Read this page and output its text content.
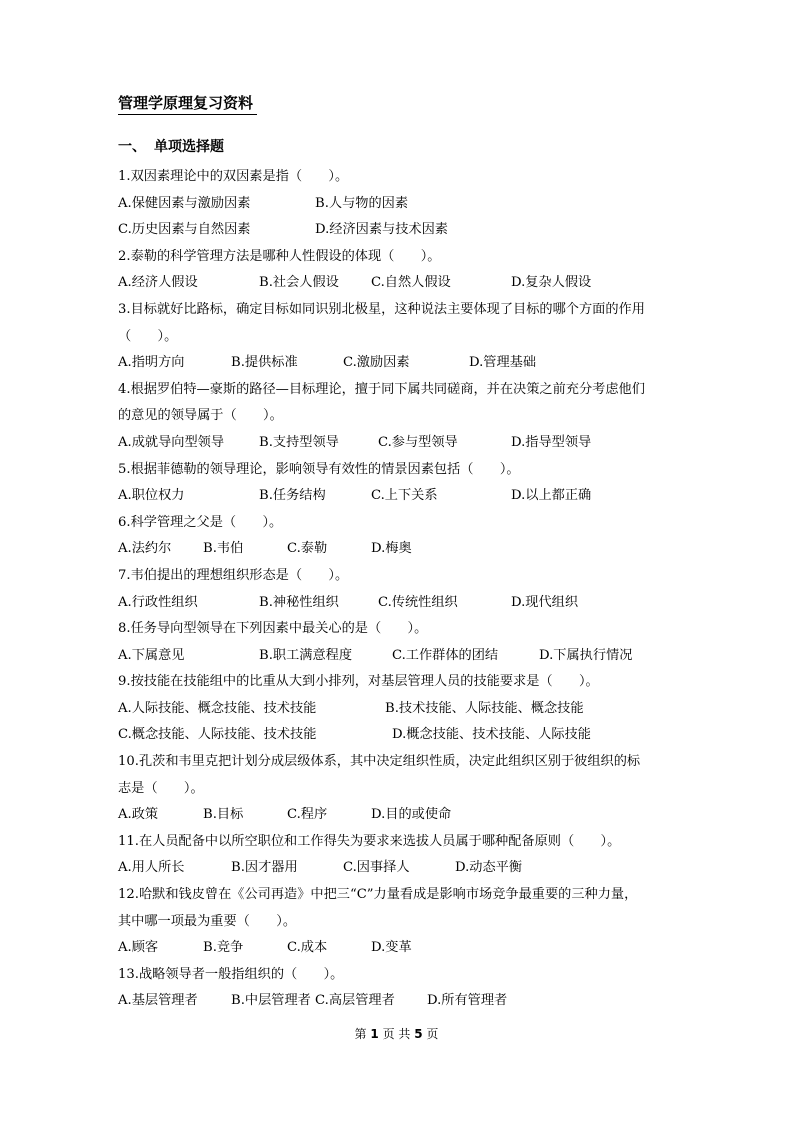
管理学原理复习资料
一、 单项选择题
1.双因素理论中的双因素是指（　　）。
A.保健因素与激励因素	B.人与物的因素
C.历史因素与自然因素	D.经济因素与技术因素
2.泰勒的科学管理方法是哪种人性假设的体现（　　）。
A.经济人假设	B.社会人假设 C.自然人假设	D.复杂人假设
3.目标就好比路标，确定目标如同识别北极星，这种说法主要体现了目标的哪个方面的作用
（　　）。
A.指明方向	B.提供标准	C.激励因素	D.管理基础
4.根据罗伯特—豪斯的路径—目标理论，擅于同下属共同磋商，并在决策之前充分考虑他们
的意见的领导属于（　　）。
A.成就导向型领导	B.支持型领导	C.参与型领导	D.指导型领导
5.根据菲德勒的领导理论，影响领导有效性的情景因素包括（　　）。
A.职位权力	B.任务结构	C.上下关系	D.以上都正确
6.科学管理之父是（　　）。
A.法约尔 B.韦伯	C.泰勒	D.梅奥
7.韦伯提出的理想组织形态是（　　）。
A.行政性组织	B.神秘性组织	C.传统性组织	D.现代组织
8.任务导向型领导在下列因素中最关心的是（　　）。
A.下属意见	B.职工满意程度	C.工作群体的团结	D.下属执行情况
9.按技能在技能组中的比重从大到小排列，对基层管理人员的技能要求是（　　）。
A.人际技能、概念技能、技术技能	B.技术技能、人际技能、概念技能
C.概念技能、人际技能、技术技能	D.概念技能、技术技能、人际技能
10.孔茨和韦里克把计划分成层级体系，其中决定组织性质，决定此组织区别于彼组织的标
志是（　　）。
A.政策	B.目标	C.程序	D.目的或使命
11.在人员配备中以所空职位和工作得失为要求来选拔人员属于哪种配备原则（　　）。
A.用人所长	B.因才器用	C.因事择人	D.动态平衡
12.哈默和钱皮曾在《公司再造》中把三“C”力量看成是影响市场竞争最重要的三种力量，
其中哪一项最为重要（　　）。
A.顾客	B.竞争	C.成本	D.变革
13.战略领导者一般指组织的（　　）。
A.基层管理者	B.中层管理者 C.高层管理者 D.所有管理者
第 1 页 共 5 页
